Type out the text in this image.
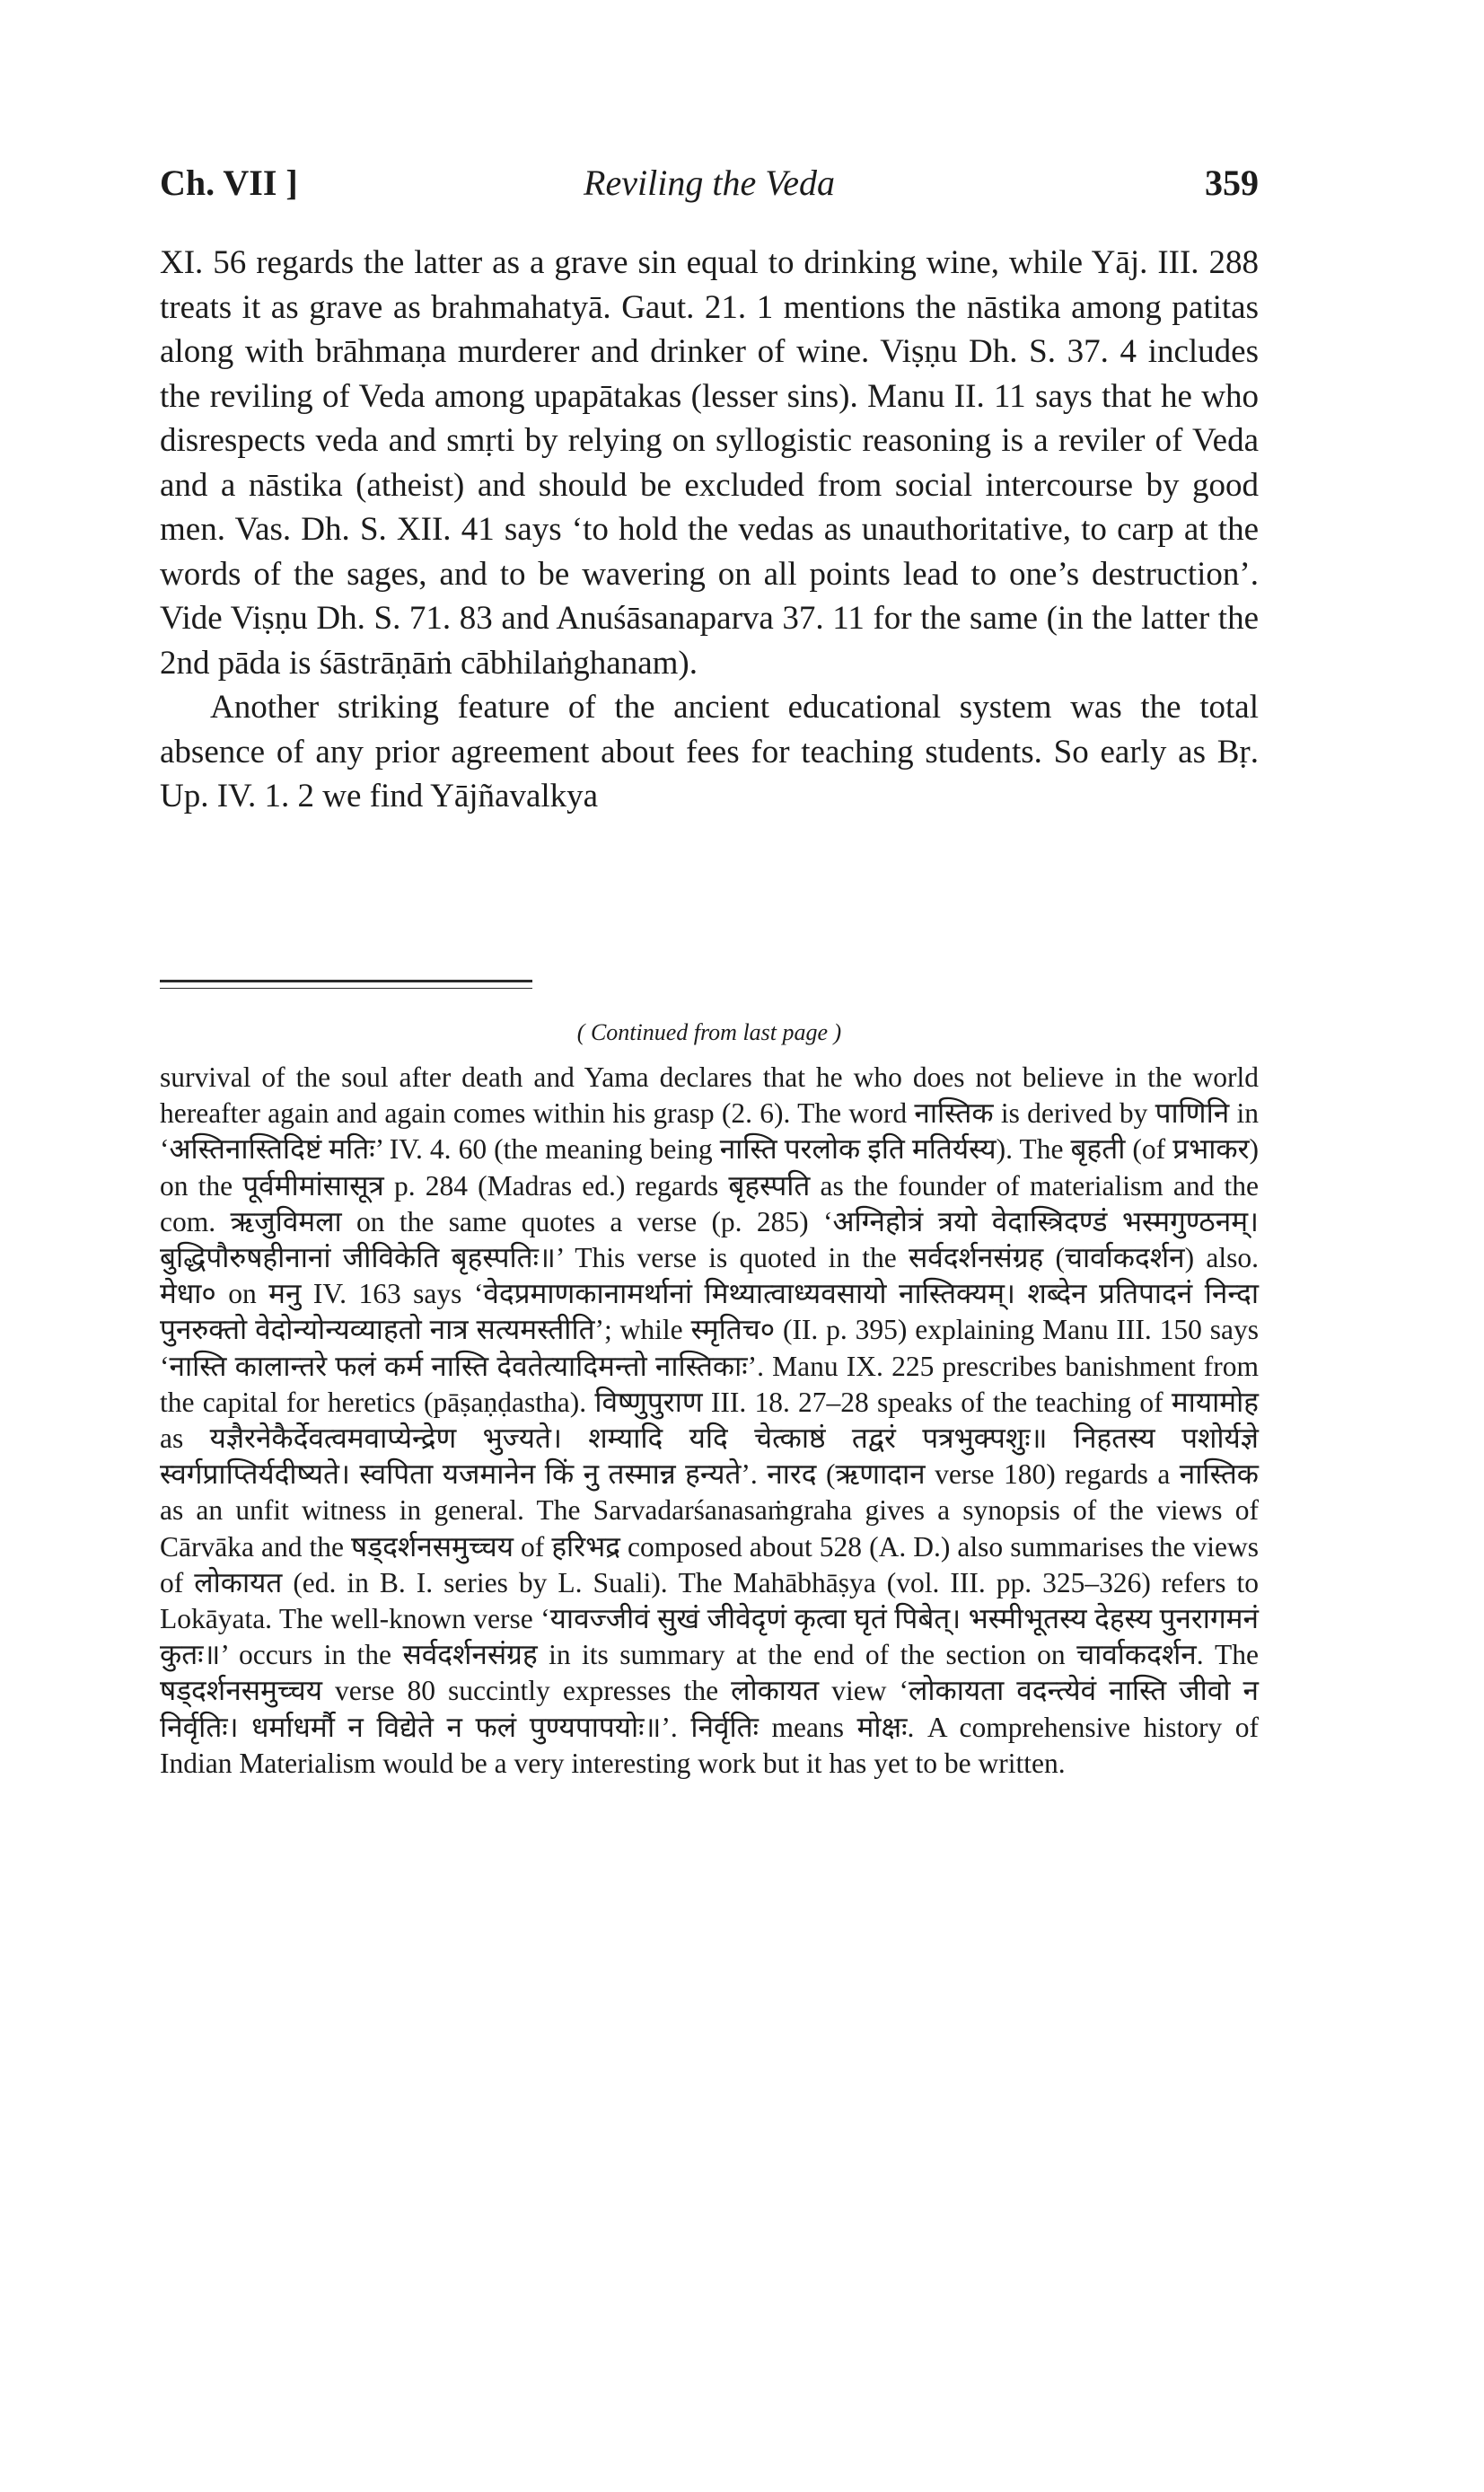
Ch. VII ]	Reviling the Veda	359

XI. 56 regards the latter as a grave sin equal to drinking wine, while Yāj. III. 288 treats it as grave as brahmahatyā. Gaut. 21. 1 mentions the nāstika among patitas along with brāhmaṇa murderer and drinker of wine. Viṣṇu Dh. S. 37. 4 includes the reviling of Veda among upapātakas (lesser sins). Manu II. 11 says that he who disrespects veda and smṛti by relying on syllogistic reasoning is a reviler of Veda and a nāstika (atheist) and should be excluded from social intercourse by good men. Vas. Dh. S. XII. 41 says ‘to hold the vedas as unauthoritative, to carp at the words of the sages, and to be wavering on all points lead to one’s destruction’. Vide Viṣṇu Dh. S. 71. 83 and Anuśāsanaparva 37. 11 for the same (in the latter the 2nd pāda is śāstrāṇāṁ cābhilaṅghanam).

Another striking feature of the ancient educational system was the total absence of any prior agreement about fees for teaching students. So early as Bṛ. Up. IV. 1. 2 we find Yājñavalkya

( Continued from last page )

survival of the soul after death and Yama declares that he who does not believe in the world hereafter again and again comes within his grasp (2. 6). The word नास्तिक is derived by पाणिनि in ‘अस्तिनास्तिदिष्टं मतिः’ IV. 4. 60 (the meaning being नास्ति परलोक इति मतिर्यस्य). The बृहती (of प्रभाकर) on the पूर्वमीमांसासूत्र p. 284 (Madras ed.) regards बृहस्पति as the founder of materialism and the com. ऋजुविमला on the same quotes a verse (p. 285) ‘अग्निहोत्रं त्रयो वेदास्त्रिदण्डं भस्मगुण्ठनम्। बुद्धिपौरुषहीनानां जीविकेति बृहस्पतिः॥’ This verse is quoted in the सर्वदर्शनसंग्रह (चार्वाकदर्शन) also. मेधा० on मनु IV. 163 says ‘वेदप्रमाणकानामर्थानां मिथ्यात्वाध्यवसायो नास्तिक्यम्। शब्देन प्रतिपादनं निन्दा पुनरुक्तो वेदोन्योन्यव्याहतो नात्र सत्यमस्तीति’; while स्मृतिच० (II. p. 395) explaining Manu III. 150 says ‘नास्ति कालान्तरे फलं कर्म नास्ति देवतेत्यादिमन्तो नास्तिकाः’. Manu IX. 225 prescribes banishment from the capital for heretics (pāṣaṇḍastha). विष्णुपुराण III. 18. 27–28 speaks of the teaching of मायामोह as यज्ञैरनेकैर्देवत्वमवाप्येन्द्रेण भुज्यते। शम्यादि यदि चेत्काष्ठं तद्वरं पत्रभुक्पशुः॥ निहतस्य पशोर्यज्ञे स्वर्गप्राप्तिर्यदीष्यते। स्वपिता यजमानेन किं नु तस्मान्न हन्यते’. नारद (ऋणादान verse 180) regards a नास्तिक as an unfit witness in general. The Sarvadarśanasaṁgraha gives a synopsis of the views of Cārvāka and the षड्दर्शनसमुच्चय of हरिभद्र composed about 528 (A. D.) also summarises the views of लोकायत (ed. in B. I. series by L. Suali). The Mahābhāṣya (vol. III. pp. 325–326) refers to Lokāyata. The well-known verse ‘यावज्जीवं सुखं जीवेदृणं कृत्वा घृतं पिबेत्। भस्मीभूतस्य देहस्य पुनरागमनं कुतः॥’ occurs in the सर्वदर्शनसंग्रह in its summary at the end of the section on चार्वाकदर्शन. The षड्दर्शनसमुच्चय verse 80 succintly expresses the लोकायत view ‘लोकायता वदन्त्येवं नास्ति जीवो न निर्वृतिः। धर्माधर्मौ न विद्येते न फलं पुण्यपापयोः॥’. निर्वृतिः means मोक्षः. A comprehensive history of Indian Materialism would be a very interesting work but it has yet to be written.
